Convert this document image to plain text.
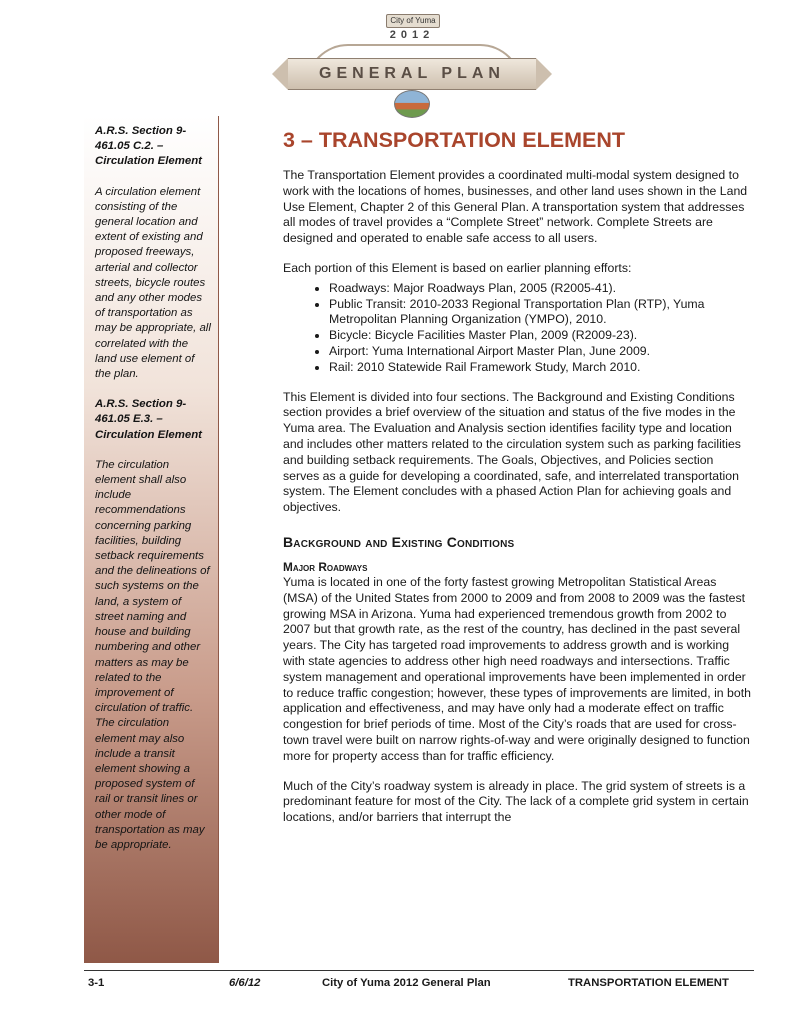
City of Yuma
2012
GENERAL PLAN

A.R.S. Section 9-461.05 C.2. – Circulation Element

A circulation element consisting of the general location and extent of existing and proposed freeways, arterial and collector streets, bicycle routes and any other modes of transportation as may be appropriate, all correlated with the land use element of the plan.

A.R.S. Section 9-461.05 E.3. – Circulation Element

The circulation element shall also include recommendations concerning parking facilities, building setback requirements and the delineations of such systems on the land, a system of street naming and house and building numbering and other matters as may be related to the improvement of circulation of traffic. The circulation element may also include a transit element showing a proposed system of rail or transit lines or other mode of transportation as may be appropriate.

3 – TRANSPORTATION ELEMENT

The Transportation Element provides a coordinated multi-modal system designed to work with the locations of homes, businesses, and other land uses shown in the Land Use Element, Chapter 2 of this General Plan. A transportation system that addresses all modes of travel provides a “Complete Street” network. Complete Streets are designed and operated to enable safe access to all users.

Each portion of this Element is based on earlier planning efforts:

• Roadways: Major Roadways Plan, 2005 (R2005-41).
• Public Transit: 2010-2033 Regional Transportation Plan (RTP), Yuma Metropolitan Planning Organization (YMPO), 2010.
• Bicycle: Bicycle Facilities Master Plan, 2009 (R2009-23).
• Airport: Yuma International Airport Master Plan, June 2009.
• Rail: 2010 Statewide Rail Framework Study, March 2010.

This Element is divided into four sections. The Background and Existing Conditions section provides a brief overview of the situation and status of the five modes in the Yuma area. The Evaluation and Analysis section identifies facility type and location and includes other matters related to the circulation system such as parking facilities and building setback requirements. The Goals, Objectives, and Policies section serves as a guide for developing a coordinated, safe, and interrelated transportation system. The Element concludes with a phased Action Plan for achieving goals and objectives.

Background and Existing Conditions
Major Roadways

Yuma is located in one of the forty fastest growing Metropolitan Statistical Areas (MSA) of the United States from 2000 to 2009 and from 2008 to 2009 was the fastest growing MSA in Arizona. Yuma had experienced tremendous growth from 2002 to 2007 but that growth rate, as the rest of the country, has declined in the past several years. The City has targeted road improvements to address growth and is working with state agencies to address other high need roadways and intersections. Traffic system management and operational improvements have been implemented in order to reduce traffic congestion; however, these types of improvements are limited, in both application and effectiveness, and may have only had a moderate effect on traffic congestion for brief periods of time. Most of the City’s roads that are used for cross-town travel were built on narrow rights-of-way and were originally designed to function more for property access than for traffic efficiency.

Much of the City’s roadway system is already in place. The grid system of streets is a predominant feature for most of the City. The lack of a complete grid system in certain locations, and/or barriers that interrupt the

3-1	6/6/12	City of Yuma 2012 General Plan	TRANSPORTATION ELEMENT
